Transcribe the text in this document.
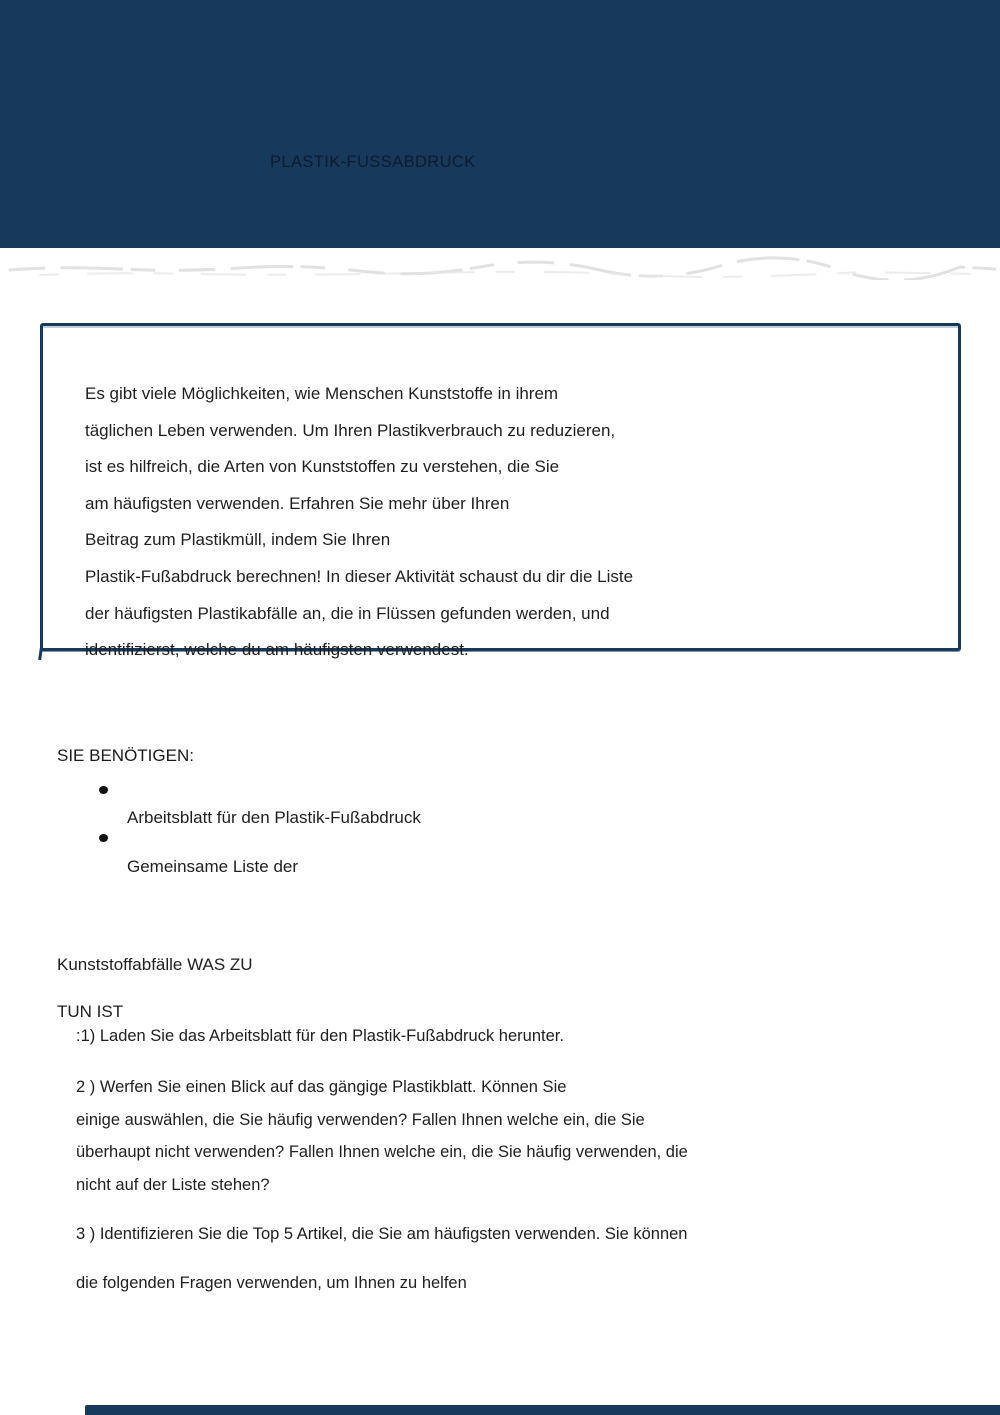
PLASTIK-FUSSABDRUCK
Es gibt viele Möglichkeiten, wie Menschen Kunststoffe in ihrem
täglichen Leben verwenden. Um Ihren Plastikverbrauch zu reduzieren,
ist es hilfreich, die Arten von Kunststoffen zu verstehen, die Sie
am häufigsten verwenden. Erfahren Sie mehr über Ihren
Beitrag zum Plastikmüll, indem Sie Ihren
Plastik-Fußabdruck berechnen! In dieser Aktivität schaust du dir die Liste
der häufigsten Plastikabfälle an, die in Flüssen gefunden werden, und
identifizierst, welche du am häufigsten verwendest.
SIE BENÖTIGEN:
Arbeitsblatt für den Plastik-Fußabdruck
Gemeinsame Liste der
Kunststoffabfälle WAS ZU
TUN IST
:1) Laden Sie das Arbeitsblatt für den Plastik-Fußabdruck herunter.
2 ) Werfen Sie einen Blick auf das gängige Plastikblatt. Können Sie
einige auswählen, die Sie häufig verwenden? Fallen Ihnen welche ein, die Sie
überhaupt nicht verwenden? Fallen Ihnen welche ein, die Sie häufig verwenden, die
nicht auf der Liste stehen?
3 ) Identifizieren Sie die Top 5 Artikel, die Sie am häufigsten verwenden. Sie können
die folgenden Fragen verwenden, um Ihnen zu helfen
